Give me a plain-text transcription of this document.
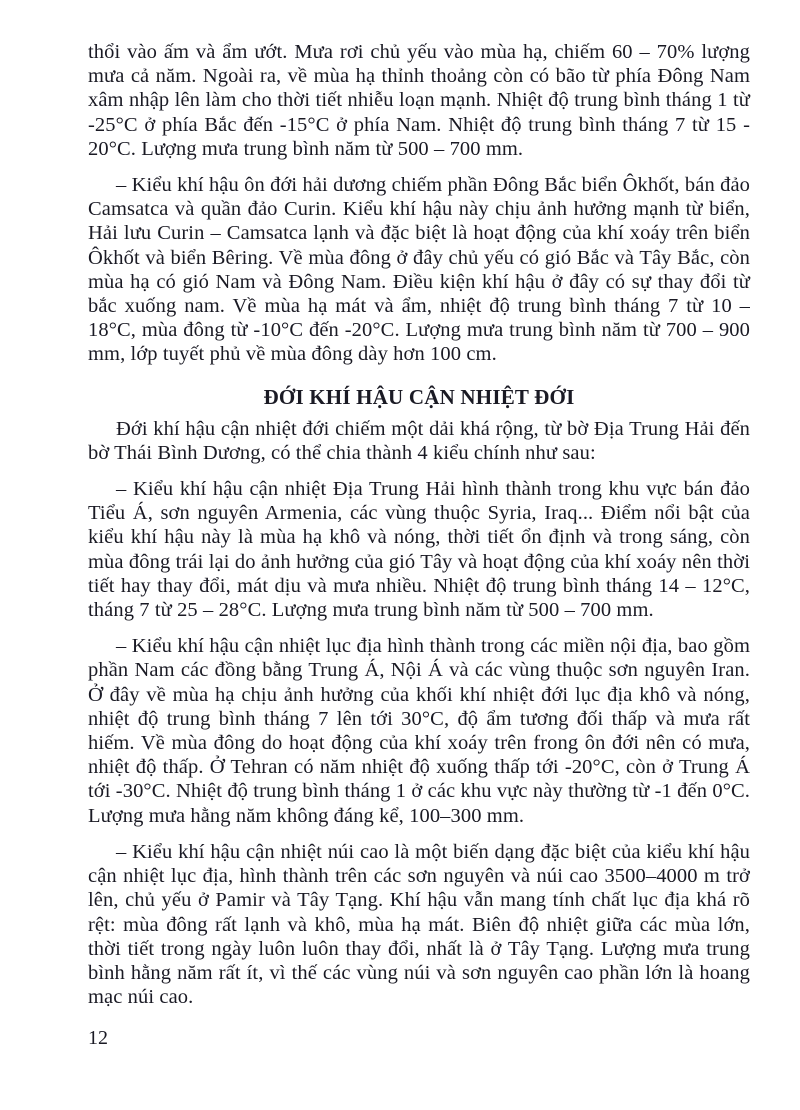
thổi vào ấm và ẩm ướt. Mưa rơi chủ yếu vào mùa hạ, chiếm 60 – 70% lượng mưa cả năm. Ngoài ra, về mùa hạ thỉnh thoảng còn có bão từ phía Đông Nam xâm nhập lên làm cho thời tiết nhiễu loạn mạnh. Nhiệt độ trung bình tháng 1 từ -25°C ở phía Bắc đến -15°C ở phía Nam. Nhiệt độ trung bình tháng 7 từ 15 - 20°C. Lượng mưa trung bình năm từ 500 – 700 mm.

– Kiểu khí hậu ôn đới hải dương chiếm phần Đông Bắc biển Ôkhốt, bán đảo Camsatca và quần đảo Curin. Kiểu khí hậu này chịu ảnh hưởng mạnh từ biển, Hải lưu Curin – Camsatca lạnh và đặc biệt là hoạt động của khí xoáy trên biển Ôkhốt và biển Bêring. Về mùa đông ở đây chủ yếu có gió Bắc và Tây Bắc, còn mùa hạ có gió Nam và Đông Nam. Điều kiện khí hậu ở đây có sự thay đổi từ bắc xuống nam. Về mùa hạ mát và ẩm, nhiệt độ trung bình tháng 7 từ 10 – 18°C, mùa đông từ -10°C đến -20°C. Lượng mưa trung bình năm từ 700 – 900 mm, lớp tuyết phủ về mùa đông dày hơn 100 cm.

ĐỚI KHÍ HẬU CẬN NHIỆT ĐỚI

Đới khí hậu cận nhiệt đới chiếm một dải khá rộng, từ bờ Địa Trung Hải đến bờ Thái Bình Dương, có thể chia thành 4 kiểu chính như sau:

– Kiểu khí hậu cận nhiệt Địa Trung Hải hình thành trong khu vực bán đảo Tiểu Á, sơn nguyên Armenia, các vùng thuộc Syria, Iraq... Điểm nổi bật của kiểu khí hậu này là mùa hạ khô và nóng, thời tiết ổn định và trong sáng, còn mùa đông trái lại do ảnh hưởng của gió Tây và hoạt động của khí xoáy nên thời tiết hay thay đổi, mát dịu và mưa nhiều. Nhiệt độ trung bình tháng 14 – 12°C, tháng 7 từ 25 – 28°C. Lượng mưa trung bình năm từ 500 – 700 mm.

– Kiểu khí hậu cận nhiệt lục địa hình thành trong các miền nội địa, bao gồm phần Nam các đồng bằng Trung Á, Nội Á và các vùng thuộc sơn nguyên Iran. Ở đây về mùa hạ chịu ảnh hưởng của khối khí nhiệt đới lục địa khô và nóng, nhiệt độ trung bình tháng 7 lên tới 30°C, độ ẩm tương đối thấp và mưa rất hiếm. Về mùa đông do hoạt động của khí xoáy trên frong ôn đới nên có mưa, nhiệt độ thấp. Ở Tehran có năm nhiệt độ xuống thấp tới -20°C, còn ở Trung Á tới -30°C. Nhiệt độ trung bình tháng 1 ở các khu vực này thường từ -1 đến 0°C. Lượng mưa hằng năm không đáng kể, 100–300 mm.

– Kiểu khí hậu cận nhiệt núi cao là một biến dạng đặc biệt của kiểu khí hậu cận nhiệt lục địa, hình thành trên các sơn nguyên và núi cao 3500–4000 m trở lên, chủ yếu ở Pamir và Tây Tạng. Khí hậu vẫn mang tính chất lục địa khá rõ rệt: mùa đông rất lạnh và khô, mùa hạ mát. Biên độ nhiệt giữa các mùa lớn, thời tiết trong ngày luôn luôn thay đổi, nhất là ở Tây Tạng. Lượng mưa trung bình hằng năm rất ít, vì thế các vùng núi và sơn nguyên cao phần lớn là hoang mạc núi cao.

12
